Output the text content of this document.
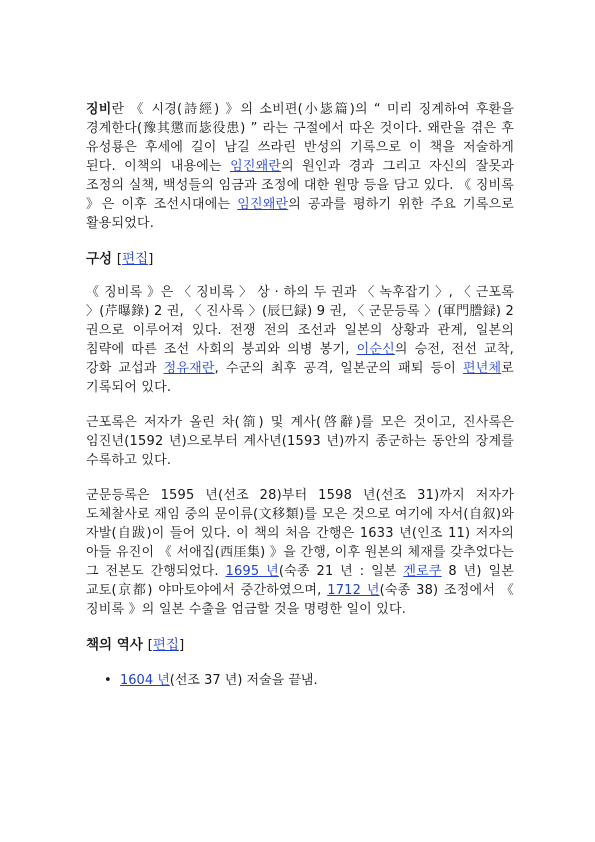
징비란 《 시경(詩經) 》의 소비편(小毖篇)의 “ 미리 징계하여 후환을 경계한다(豫其懲而毖役患) ” 라는 구절에서 따온 것이다. 왜란을 겪은 후 유성룡은 후세에 길이 남길 쓰라린 반성의 기록으로 이 책을 저술하게 된다. 이책의 내용에는 임진왜란의 원인과 경과 그리고 자신의 잘못과 조정의 실책, 백성들의 임금과 조정에 대한 원망 등을 담고 있다. 《 징비록 》은 이후 조선시대에는 임진왜란의 공과를 평하기 위한 주요 기록으로 활용되었다.

구성 [편집]

《 징비록 》은 〈 징비록 〉 상 · 하의 두 권과 〈 녹후잡기 〉, 〈 근포록 〉(芹曝錄) 2 권, 〈 진사록 〉(辰巳録) 9 권, 〈 군문등록 〉(軍門謄録) 2 권으로 이루어져 있다. 전쟁 전의 조선과 일본의 상황과 관계, 일본의 침략에 따른 조선 사회의 붕괴와 의병 봉기, 이순신의 승전, 전선 교착, 강화 교섭과 정유재란, 수군의 최후 공격, 일본군의 패퇴 등이 편년체로 기록되어 있다.

근포록은 저자가 올린 차(箚) 및 계사(啓辭)를 모은 것이고, 진사록은 임진년(1592 년)으로부터 계사년(1593 년)까지 종군하는 동안의 장계를 수록하고 있다.

군문등록은 1595 년(선조 28)부터 1598 년(선조 31)까지 저자가 도체찰사로 재임 중의 문이류(文移類)를 모은 것으로 여기에 자서(自叙)와 자발(自跋)이 들어 있다. 이 책의 처음 간행은 1633 년(인조 11) 저자의 아들 유진이 《 서애집(西厓集) 》을 간행, 이후 원본의 체재를 갖추었다는 그 전본도 간행되었다. 1695 년(숙종 21 년 : 일본 겐로쿠 8 년) 일본 교토(京都) 야마토야에서 중간하였으며, 1712 년(숙종 38) 조정에서 《 징비록 》의 일본 수출을 엄금할 것을 명령한 일이 있다.

책의 역사 [편집]
• 1604 년(선조 37 년) 저술을 끝냄.
